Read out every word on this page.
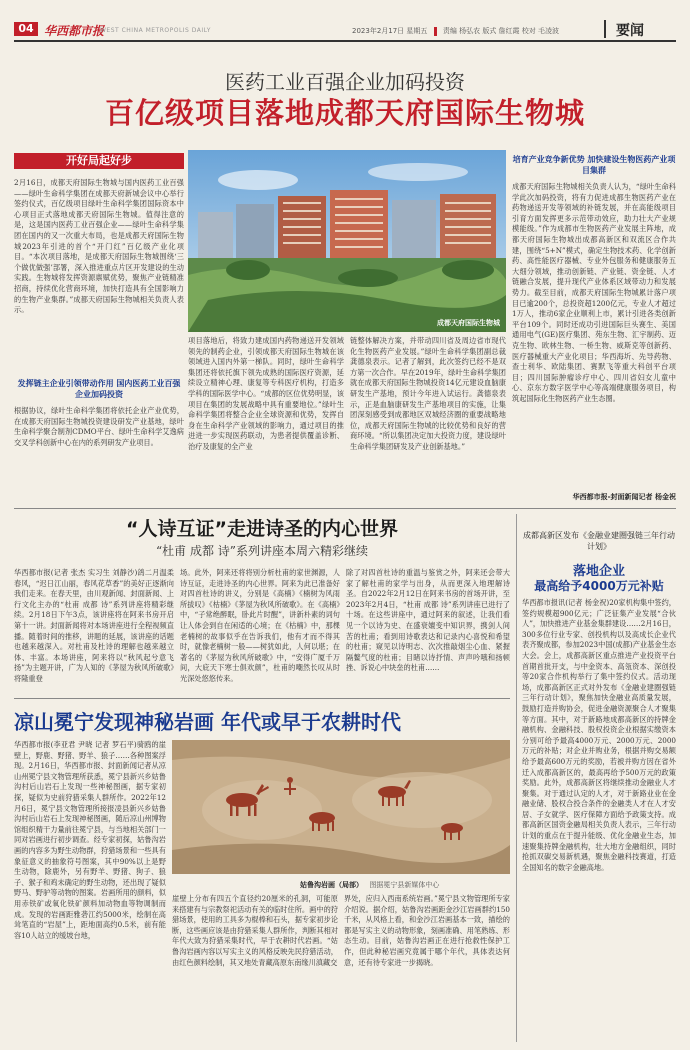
04 华西都市报
WEST CHINA METROPOLIS DAILY	2023年2月17日 星期五 责编 杨弘农 版式 詹红霞 校对 毛凌波	要闻
医药工业百强企业加码投资
百亿级项目落地成都天府国际生物城
开好局起好步
2月16日，成都天府国际生物城与国内医药工业百强——绿叶生命科学集团在成都天府新城会议中心举行签约仪式，百亿级项目绿叶生命科学集团国际资本中心项目正式落地成都天府国际生物城。值得注意的是，这是国内医药工业百强企业——绿叶生命科学集团在国内的又一次重大布局，也是成都天府国际生物城2023年引进的首个“开门红”百亿级产业化项目。“本次项目落地，是成都天府国际生物城围绕‘三个做优做强’部署，深入推进重点片区开发建设的生动实践。生物城将发挥资源禀赋优势，聚焦产业链精准招商，持续优化营商环境，加快打造具有全国影响力的生物产业集群。”成都天府国际生物城相关负责人表示。
发挥链主企业引领带动作用 国内医药工业百强企业加码投资
根据协议，绿叶生命科学集团将依托企业产业优势，在成都天府国际生物城投资建设研发产业基地，绿叶生命科学聚合制剂CDMO平台、绿叶生命科学艾逸病交叉学科创新中心在内的系列研发产业项目。
成都天府国际生物城
项目落地后，将致力建成国内药物递送开发领域领先的制药企业，引领成都天府国际生物城在该领域进入国内外第一梯队。同时，绿叶生命科学集团还将依托旗下领先成熟的国际医疗资源，延续设立精神心理、康复等专科医疗机构，打造多学科的国际医学中心。“成都的区位优势明显，该项目在集团的发展战略中具有重要地位。”绿叶生命科学集团将整合企业全球资源和优势，发挥自身在生命科学产业领域的影响力，通过项目的推进进一步实现医药联动，为患者提供覆盖诊断、治疗及康复的全产业
链整体解决方案，并带动四川省及周边省市现代化生物医药产业发展。”绿叶生命科学集团副总裁龚德泉表示。记者了解到，此次签约已经不是双方第一次合作。早在2019年，绿叶生命科学集团就在成都天府国际生物城投资14亿元建设血脑康研发生产基地，预计今年进入试运行。龚德泉表示，正是血脑康研发生产基地项目的实施，让集团深刻感受到成都地区双城经济圈的重要战略地位，成都天府国际生物城的比较优势和良好的营商环境。“所以集团决定加大投资力度，建设绿叶生命科学集团研发及产业创新基地。”
培育产业竞争新优势 加快建设生物医药产业项目集群
成都天府国际生物城相关负责人认为，“绿叶生命科学此次加码投资，将有力促进成都生物医药产业在药物递送开发等领域的补链发展，并在高能级项目引育方面发挥更多示范带动效应，助力壮大产业规模能级。”作为成都市生物医药产业发展主阵地，成都天府国际生物城出成都高新区和双流区合作共建，围绕“5+N”模式，确定生物技术药、化学创新药、高性能医疗器械、专业外包服务和健康服务五大细分领域，推动创新链、产业链、资金链、人才链融合发展，提升现代产业体系区域带动力和发展势力。截至目前，成都天府国际生物城累计落户项目已逾200个，总投资超1200亿元，专业人才超过1万人，推动6家企业顺利上市，累计引进各类创新平台109个。同时还成功引进国际巨头赛生、美国通用电气(GE)医疗集团、苑东生物、汇宇制药、迈克生物、欧林生物、一桥生物、威斯克等创新药、医疗器械重大产业化项目；华西海圻、先导药物、查士利华、欧陆集团、赛默飞等重大科创平台项目；四川国际肿瘤诊疗中心、四川省妇女儿童中心、京东方数字医学中心等高端健康服务项目，构筑起国际化生物医药产业生态圈。
华西都市报-封面新闻记者 杨金祝
“人诗互证”走进诗圣的内心世界
“杜甫 成都 诗”系列讲座本周六精彩继续
华西都市报(记者 张杰 实习生 刘静沙)鸽二月温柔春风，“迟日江山丽，春风花草香”的美好正逐渐向我们走来。在春天里，由川观新闻、封面新闻、上行文化主办的“杜甫 成都 诗”系列讲座将精彩继续。2月18日下午3点，该讲座将在阿来书房开启第十一讲。封面新闻将对本场讲座进行全程视频直播。随着时间的推移，讲题的延展，该讲座的话题也越来越深入。对杜甫及杜诗的理解也越来越立体、丰富。本场讲座，阿来将以“秋风起兮意飞扬”为主题开讲，广为人知的《茅屋为秋风所破歌》将隆重登
场。此外，阿来还将将别分析杜甫的家世渊源，人诗互证，走进诗圣的内心世界。阿来为此已准备好对四首杜诗的讲义，分别是《高楠》《楠树为风雨所拔叹》《枯楠》《茅屋为秋风所破歌》。在《高楠》中，“子常绝醉眠，卧此片时醒”，讲新朴素的词句让人体会到自在闲适的心境；在《枯楠》中，那棵老楠树的故事似乎在告诉我们，他有才而不得其时，就像老楠树一般——树犹如此，人何以堪；在著名的《茅屋为秋风所破歌》中，“安得广厦千万间，大庇天下寒士俱欢颜”，杜甫的嘲然长叹从时光深处悠悠传来。
除了对四首杜诗的重温与鉴赏之外，阿来还会带大家了解杜甫的家学与出身，从而更深入地理解诗圣。自2022年2月12日在阿来书房的首场开讲，至2023年2月4日，“杜甫 成都 诗”系列讲座已进行了十场。在这些讲座中，通过阿来的叙述，让我们看见一个以诗为史、在盛衰嬗变中知识界，携剑人间苦的杜甫；看到用诗歌表达和记录内心喜悦和希望的杜甫；窥见以诗明志、次次推敲烟尘心血、紧握隔鳌气度的杜甫；目睹以诗抒情、声声吟哦和扬顿挫、诉说心中块垒的杜甫……
凉山冕宁发现神秘岩画 年代或早于农耕时代
华西都市报(李亚君 尹晓 记者 罗石平)骑鸥的崖壁上，野鹿、野猪、野羊、狼子……各种图案浮现。2月16日，华西都市报、封面新闻记者从凉山州冕宁县文物管理所获悉，冕宁县新兴乡姑鲁沟村后山岩石上发现一些神秘图画，据专家初探，疑似为史前狩猎采集人群所作。2022年12月6日，冕宁县文物管理所接报凌县新兴乡姑鲁沟村后山岩石上发现神秘图画，随后凉山州博物馆组织精干力量前往冕宁县，与当地相关部门一同对岩画进行初步调查。经专家初探，姑鲁沟岩画的内容多为野生动物群，狩猎场景和一些具有象征意义的抽象符号图案，其中90%以上是野生动物，除鹿外，另有野羊、野猪、狗子、狼子、猴子和鸡未确定的野生动物，还出现了疑似野马、野驴等动物的图案。岩画所用的颜料，似用赤铁矿或氧化铁矿颜料加动物血等物调制而成。发现的岩画距雅砻江约5000米，绘制在高耸笔直的“岩屋”上，距地面高约0.5米，前有能容10人站立的缓坡台地，
姑鲁沟岩画（局部） 图据冕宁县新媒体中心
崖壁上分布有四五个直径约20厘米的孔洞，可能原来搭建有与宗教祭祀活动有关的临时住所。画中的狩猎场景，使用的工具多为棍棒和石头，据专家初步论断，这些画应该是由狩猎采集人群所作，判断其相对年代大致为狩猎采集时代，早于农耕时代岩画。“姑鲁沟岩画内容以写实主义的风格反映先民狩猎活动，由红色颜料绘制，其又地处青藏高原东南缘川滇藏交
界处，应归入西南系统岩画。”冕宁县文物管理所专家介绍说。据介绍，姑鲁沟岩画距金沙江岩画群约150千米，从风格上看，和金沙江岩画基本一致，描绘的都是写实主义的动物形象，刻画准确、用笔熟练、形态生动。目前，姑鲁沟岩画正在进行抢救性保护工作，但此种秘岩画究竟属于哪个年代，具体表达何意，还有待专家进一步揭晓。
成都高新区发布《金融业建圈强链三年行动计划》
落地企业
最高给予4000万元补贴
华西都市报讯(记者 杨金祝)20家机构集中签约，签约规模超900亿元；广泛征集产业发展“合伙人”，加快推进产业基金集群建设……2月16日，300多位行业专家、创投机构以及高成长企业代表齐聚成都，参加2023中国(成都)产业基金生态大会。会上，成都高新区重点推进产业投资平台首期首批开支，与中金资本、高瓴资本、深创投等20家合作机构举行了集中签约仪式。活动现场，成都高新区正式对外发布《金融业建圈强链三年行动计划》，聚焦加快金融业高质量发展，鼓励打造并购协会，促进金融资源聚合人才聚集等方面。其中，对于新路地成都高新区的持牌金融机构、金融科技、股权投资企业根据实缴资本分别可给予最高4000万元、2000万元、2000万元的补贴；对企业并购业务，根据并购交易额给予最高600万元的奖励，若被并购方因在省外迁入成都高新区的，最高再给予500万元的政策奖励。此外，成都高新区将继续推动金融业人才聚集。对于通过认定的人才，对于新路业业在金融业储、股权合投合条件的金融类人才在人才安居、子女就学、医疗保障方面给予政策支持。成都高新区国资金融局相关负责人表示，三年行动计划的重点在于提升能级、优化金融业生态，加速聚集持牌金融机构，壮大地方金融组织，同时抢抓双碳交易新机遇，聚焦金融科技赛道，打造全国知名的数字金融高地。
